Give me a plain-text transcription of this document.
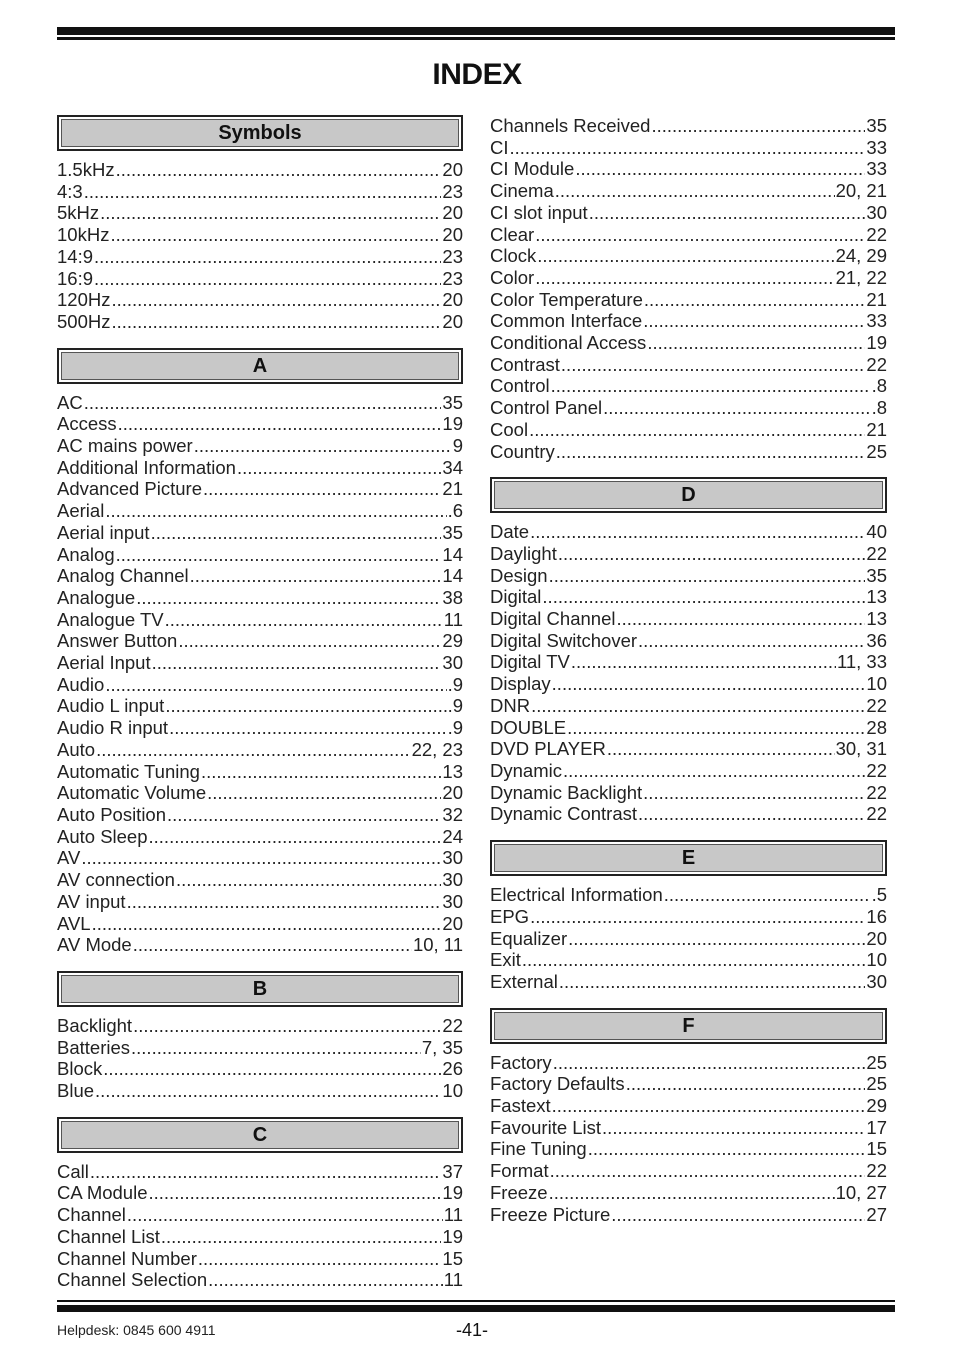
INDEX
Symbols
1.5kHz .....	20
4:3 .....	23
5kHz .....	20
10kHz .....	20
14:9 .....	23
16:9 .....	23
120Hz .....	20
500Hz .....	20
A
AC .....	35
Access .....	19
AC mains power .....	9
Additional Information .....	34
Advanced Picture .....	21
Aerial .....	.6
Aerial input .....	35
Analog .....	14
Analog Channel .....	14
Analogue .....	38
Analogue TV .....	11
Answer Button .....	29
Aerial Input .....	30
Audio .....	.9
Audio L input .....	.9
Audio R input .....	.9
Auto .....	22, 23
Automatic Tuning .....	13
Automatic Volume .....	20
Auto Position .....	32
Auto Sleep .....	24
AV .....	30
AV connection .....	30
AV input .....	30
AVL .....	20
AV Mode .....	10, 11
B
Backlight .....	22
Batteries .....	7, 35
Block .....	26
Blue .....	10
C
Call .....	37
CA Module .....	19
Channel .....	11
Channel List .....	19
Channel Number .....	15
Channel Selection .....	11
Channels Received .....	35
CI .....	33
CI Module .....	33
Cinema .....	20, 21
CI slot input .....	30
Clear .....	22
Clock .....	24, 29
Color .....	21, 22
Color Temperature .....	21
Common Interface .....	33
Conditional Access .....	19
Contrast .....	22
Control .....	.8
Control Panel .....	.8
Cool .....	21
Country .....	25
D
Date .....	40
Daylight .....	22
Design .....	35
Digital .....	13
Digital Channel .....	13
Digital Switchover .....	36
Digital TV .....	11, 33
Display .....	10
DNR .....	22
DOUBLE .....	28
DVD PLAYER .....	30, 31
Dynamic .....	22
Dynamic Backlight .....	22
Dynamic Contrast .....	22
E
Electrical Information .....	.5
EPG .....	16
Equalizer .....	20
Exit .....	10
External .....	30
F
Factory .....	25
Factory Defaults .....	25
Fastext .....	29
Favourite List .....	17
Fine Tuning .....	15
Format .....	22
Freeze .....	10, 27
Freeze Picture .....	27
Helpdesk: 0845 600 4911	-41-
